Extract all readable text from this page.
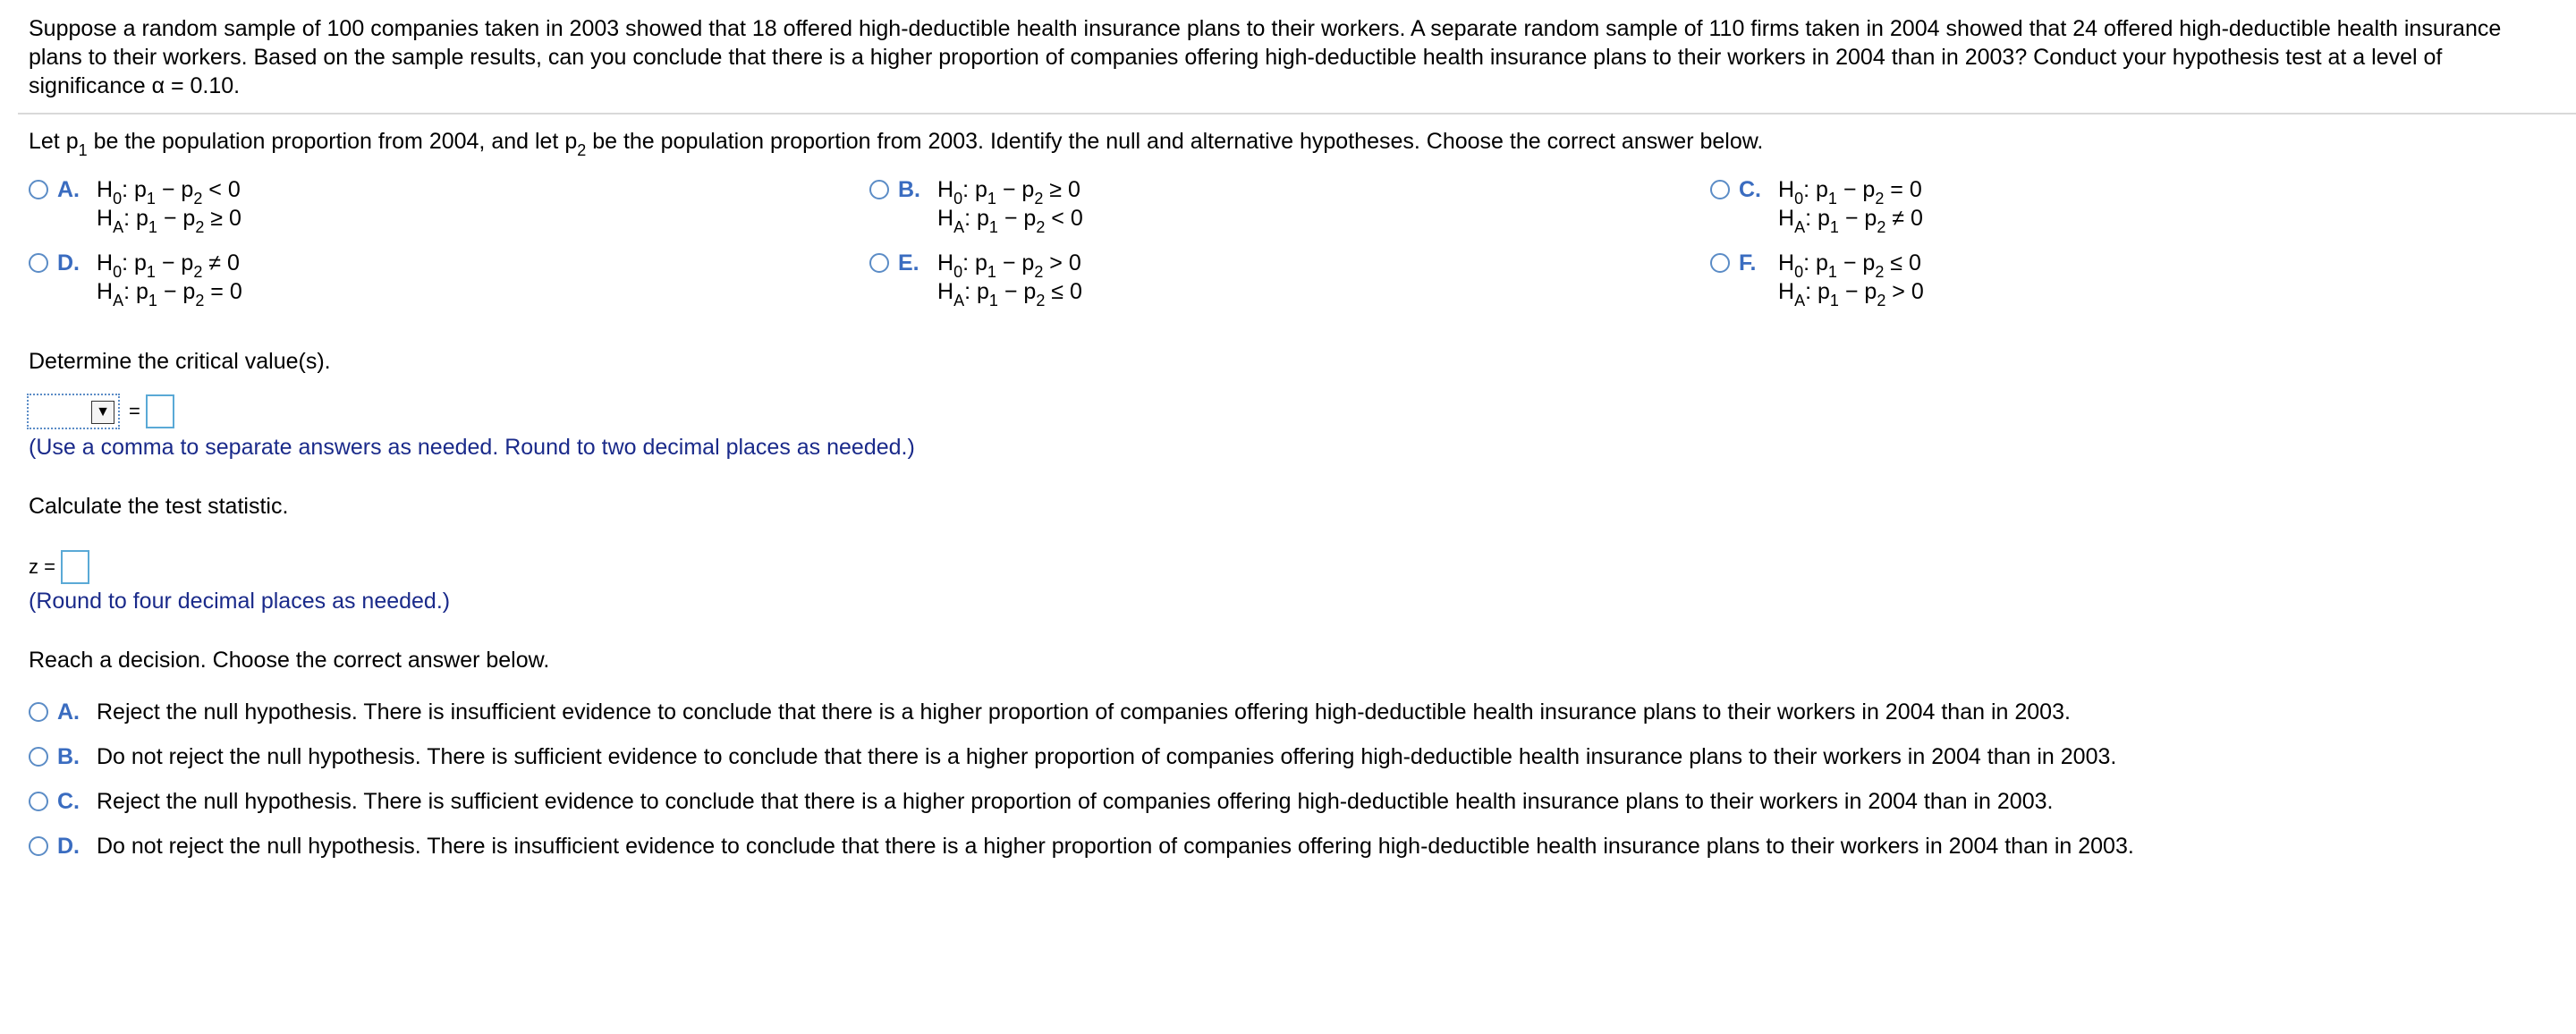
Suppose a random sample of 100 companies taken in 2003 showed that 18 offered high-deductible health insurance plans to their workers. A separate random sample of 110 firms taken in 2004 showed that 24 offered high-deductible health insurance plans to their workers. Based on the sample results, can you conclude that there is a higher proportion of companies offering high-deductible health insurance plans to their workers in 2004 than in 2003? Conduct your hypothesis test at a level of significance α = 0.10.
Let $p_1$ be the population proportion from 2004, and let $p_2$ be the population proportion from 2003. Identify the null and alternative hypotheses. Choose the correct answer below.
A. $H_0$: $p_1 - p_2 < 0$
$H_A$: $p_1 - p_2 \ge 0$
B. $H_0$: $p_1 - p_2 \ge 0$
$H_A$: $p_1 - p_2 < 0$
C. $H_0$: $p_1 - p_2 = 0$
$H_A$: $p_1 - p_2 \ne 0$
D. $H_0$: $p_1 - p_2 \ne 0$
$H_A$: $p_1 - p_2 = 0$
E. $H_0$: $p_1 - p_2 > 0$
$H_A$: $p_1 - p_2 \le 0$
F. $H_0$: $p_1 - p_2 \le 0$
$H_A$: $p_1 - p_2 > 0$
Determine the critical value(s).
▼ =
(Use a comma to separate answers as needed. Round to two decimal places as needed.)
Calculate the test statistic.
z =
(Round to four decimal places as needed.)
Reach a decision. Choose the correct answer below.
A. Reject the null hypothesis. There is insufficient evidence to conclude that there is a higher proportion of companies offering high-deductible health insurance plans to their workers in 2004 than in 2003.
B. Do not reject the null hypothesis. There is sufficient evidence to conclude that there is a higher proportion of companies offering high-deductible health insurance plans to their workers in 2004 than in 2003.
C. Reject the null hypothesis. There is sufficient evidence to conclude that there is a higher proportion of companies offering high-deductible health insurance plans to their workers in 2004 than in 2003.
D. Do not reject the null hypothesis. There is insufficient evidence to conclude that there is a higher proportion of companies offering high-deductible health insurance plans to their workers in 2004 than in 2003.
